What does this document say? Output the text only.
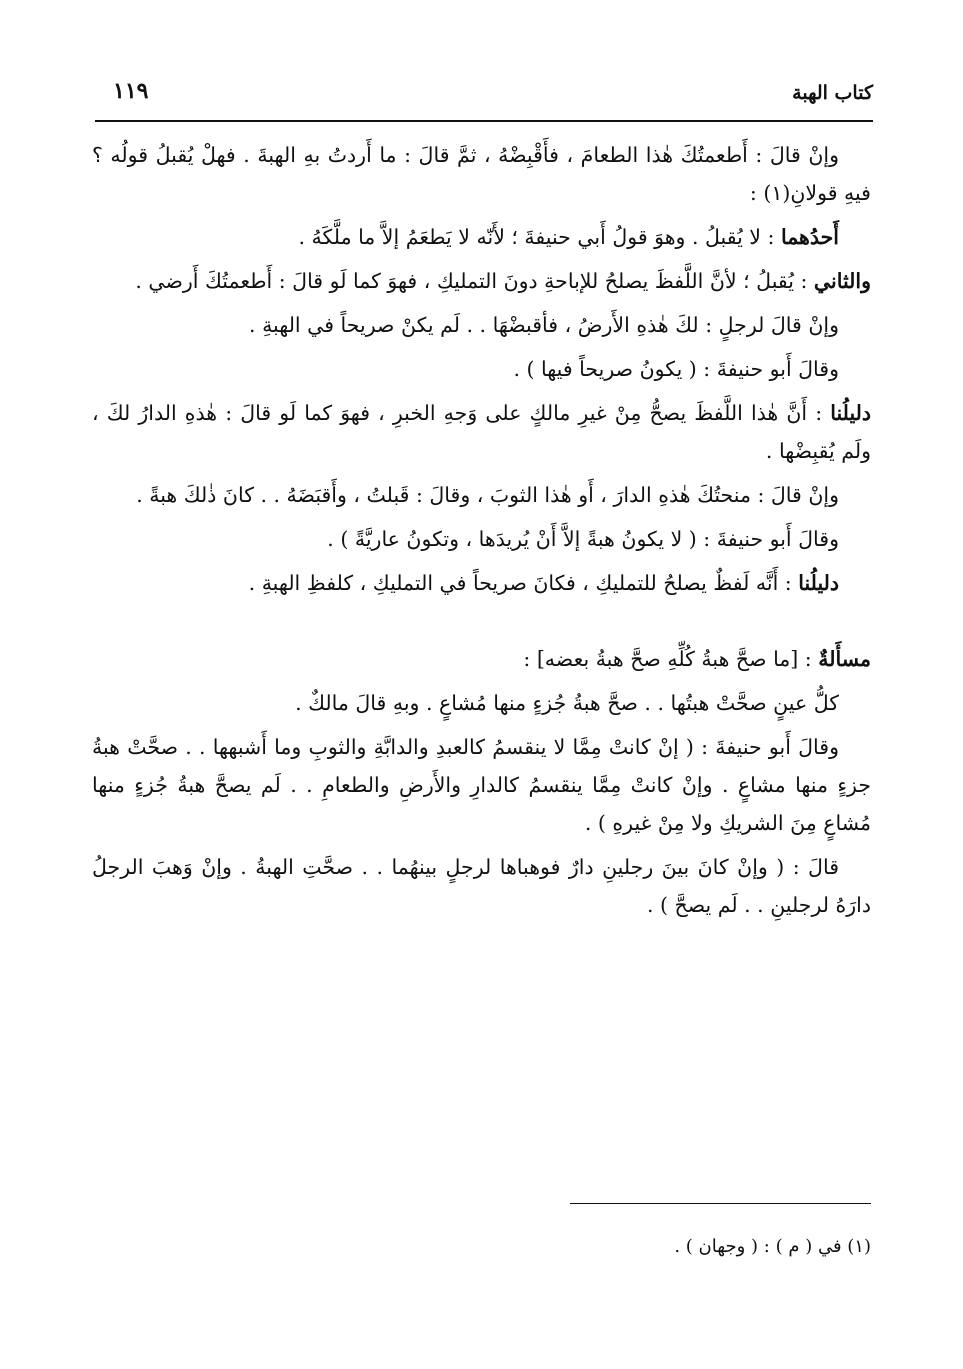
كتاب الهبة
١١٩

وإنْ قالَ : أَطعمتُكَ هٰذا الطعامَ ، فأَقْبِضْهُ ، ثمَّ قالَ : ما أَردتُ بهِ الهبةَ . فهلْ يُقبلُ قولُه ؟ فيهِ قولانِ(١) :

أَحدُهما : لا يُقبلُ . وهوَ قولُ أَبي حنيفةَ ؛ لأَنّه لا يَطعَمُ إلاَّ ما ملَّكَهُ .

والثاني : يُقبلُ ؛ لأنَّ اللَّفظَ يصلحُ للإباحةِ دونَ التمليكِ ، فهوَ كما لَو قالَ : أَطعمتُكَ أَرضي .

وإنْ قالَ لرجلٍ : لكَ هٰذهِ الأَرضُ ، فأقبضْهَا . . لَم يكنْ صريحاً في الهبةِ .

وقالَ أَبو حنيفةَ : ( يكونُ صريحاً فيها ) .

دليلُنا : أَنَّ هٰذا اللَّفظَ يصحُّ مِنْ غيرِ مالكٍ على وَجهِ الخبرِ ، فهوَ كما لَو قالَ : هٰذهِ الدارُ لكَ ، ولَم يُقبِضْها .

وإنْ قالَ : منحتُكَ هٰذهِ الدارَ ، أَو هٰذا الثوبَ ، وقالَ : قَبلتُ ، وأَقبَضَهُ . . كانَ ذٰلكَ هبةً .

وقالَ أَبو حنيفةَ : ( لا يكونُ هبةً إلاَّ أَنْ يُريدَها ، وتكونُ عاريَّةً ) .

دليلُنا : أَنَّه لَفظٌ يصلحُ للتمليكِ ، فكانَ صريحاً في التمليكِ ، كلفظِ الهبةِ .

مسأَلةٌ : [ما صحَّ هبةُ كُلِّهِ صحَّ هبةُ بعضه] :

كلُّ عينٍ صحَّتْ هبتُها . . صحَّ هبةُ جُزءٍ منها مُشاعٍ . وبهِ قالَ مالكٌ .

وقالَ أَبو حنيفةَ : ( إنْ كانتْ مِمَّا لا ينقسمُ كالعبدِ والدابَّةِ والثوبِ وما أَشبهها . . صحَّتْ هبةُ جزءٍ منها مشاعٍ . وإنْ كانتْ مِمَّا ينقسمُ كالدارِ والأَرضِ والطعامِ . . لَم يصحَّ هبةُ جُزءٍ منها مُشاعٍ مِنَ الشريكِ ولا مِنْ غيرهِ ) .

قالَ : ( وإنْ كانَ بينَ رجلينِ دارٌ فوهباها لرجلٍ بينهُما . . صحَّتِ الهبةُ . وإنْ وَهبَ الرجلُ دارَهُ لرجلينِ . . لَم يصحَّ ) .

(١) في ( م ) : ( وجهان ) .
